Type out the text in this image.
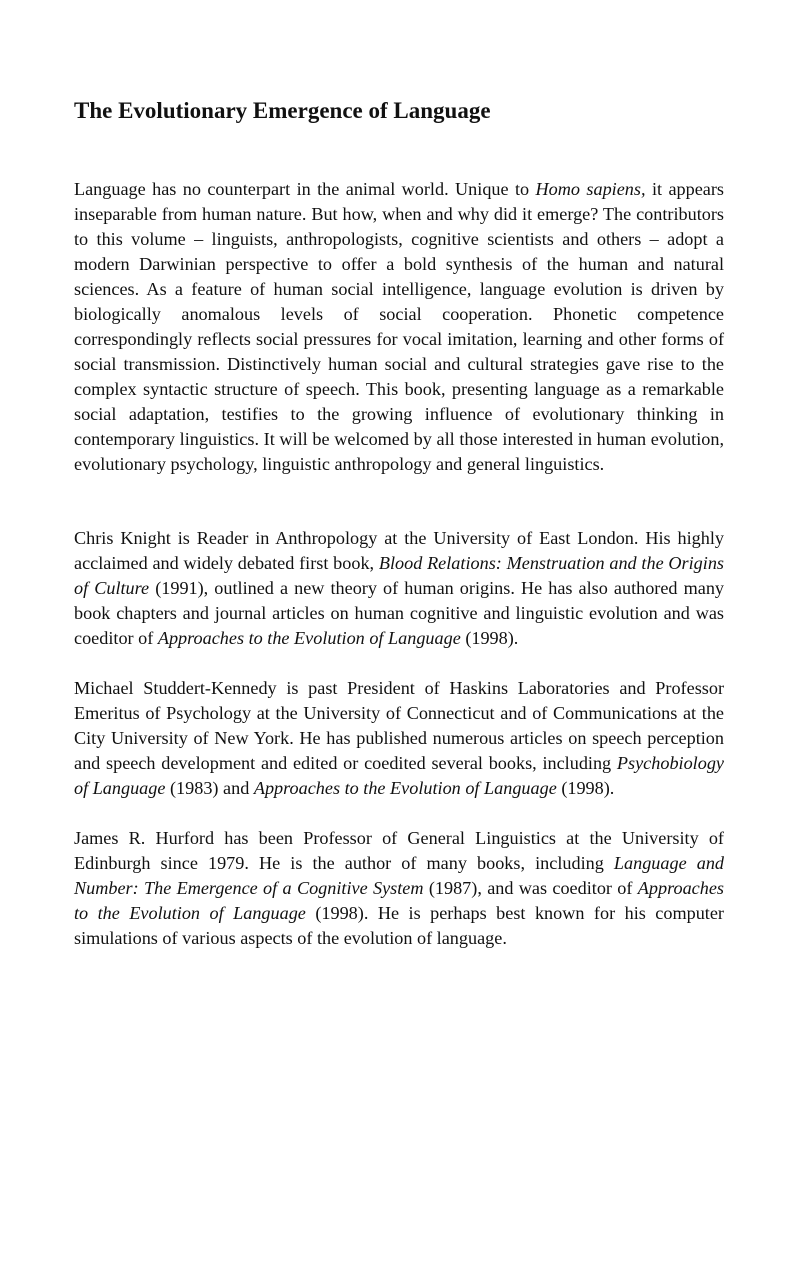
The Evolutionary Emergence of Language

Language has no counterpart in the animal world. Unique to Homo sapiens, it appears inseparable from human nature. But how, when and why did it emerge? The contributors to this volume – linguists, anthropologists, cognitive scientists and others – adopt a modern Darwinian perspective to offer a bold synthesis of the human and natural sciences. As a feature of human social intelligence, language evolution is driven by biologically anomalous levels of social cooperation. Phonetic competence correspondingly reflects social pressures for vocal imitation, learning and other forms of social transmission. Distinctively human social and cultural strategies gave rise to the complex syntactic structure of speech. This book, presenting language as a remarkable social adaptation, testifies to the growing influence of evolutionary thinking in contemporary linguistics. It will be welcomed by all those interested in human evolution, evolutionary psychology, linguistic anthropology and general linguistics.

Chris Knight is Reader in Anthropology at the University of East London. His highly acclaimed and widely debated first book, Blood Relations: Menstruation and the Origins of Culture (1991), outlined a new theory of human origins. He has also authored many book chapters and journal articles on human cognitive and linguistic evolution and was coeditor of Approaches to the Evolution of Language (1998).

Michael Studdert-Kennedy is past President of Haskins Laboratories and Professor Emeritus of Psychology at the University of Connecticut and of Communications at the City University of New York. He has published numerous articles on speech perception and speech development and edited or coedited several books, including Psychobiology of Language (1983) and Approaches to the Evolution of Language (1998).

James R. Hurford has been Professor of General Linguistics at the University of Edinburgh since 1979. He is the author of many books, including Language and Number: The Emergence of a Cognitive System (1987), and was coeditor of Approaches to the Evolution of Language (1998). He is perhaps best known for his computer simulations of various aspects of the evolution of language.
